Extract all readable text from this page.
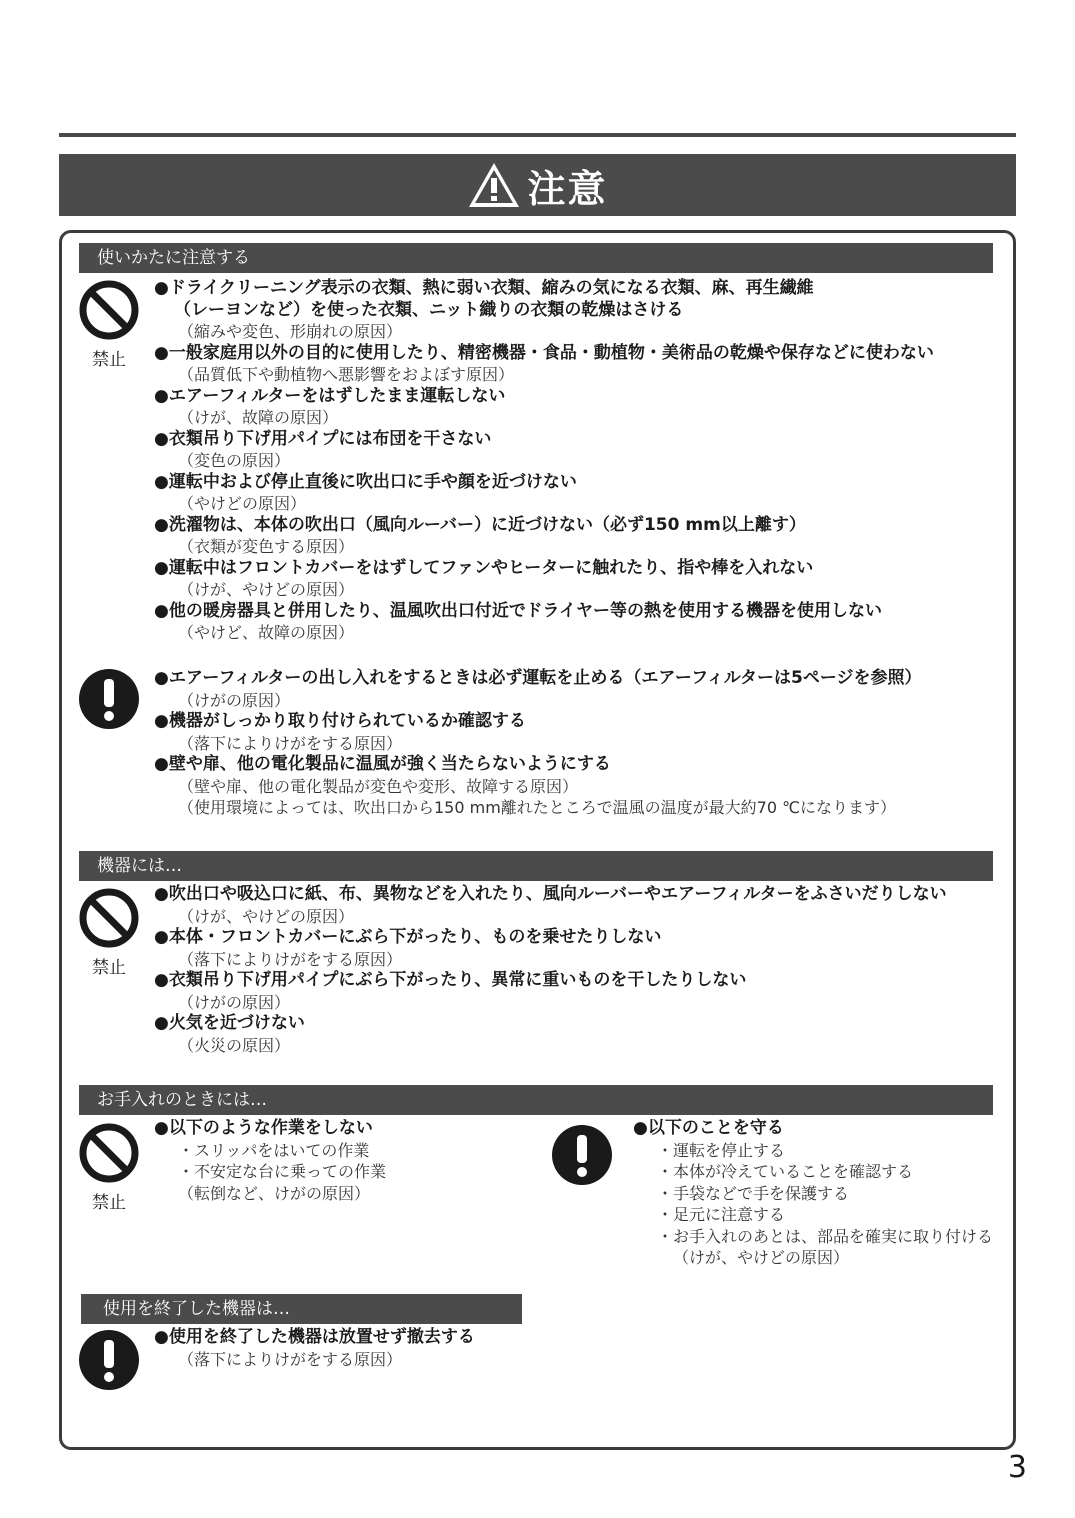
注意
使いかたに注意する
禁止
●ドライクリーニング表示の衣類、熱に弱い衣類、縮みの気になる衣類、麻、再生繊維
（レーヨンなど）を使った衣類、ニット織りの衣類の乾燥はさける
（縮みや変色、形崩れの原因）
●一般家庭用以外の目的に使用したり、精密機器・食品・動植物・美術品の乾燥や保存などに使わない
（品質低下や動植物へ悪影響をおよぼす原因）
●エアーフィルターをはずしたまま運転しない
（けが、故障の原因）
●衣類吊り下げ用パイプには布団を干さない
（変色の原因）
●運転中および停止直後に吹出口に手や顔を近づけない
（やけどの原因）
●洗濯物は、本体の吹出口（風向ルーバー）に近づけない（必ず150 mm以上離す）
（衣類が変色する原因）
●運転中はフロントカバーをはずしてファンやヒーターに触れたり、指や棒を入れない
（けが、やけどの原因）
●他の暖房器具と併用したり、温風吹出口付近でドライヤー等の熱を使用する機器を使用しない
（やけど、故障の原因）
●エアーフィルターの出し入れをするときは必ず運転を止める（エアーフィルターは5ページを参照）
（けがの原因）
●機器がしっかり取り付けられているか確認する
（落下によりけがをする原因）
●壁や扉、他の電化製品に温風が強く当たらないようにする
（壁や扉、他の電化製品が変色や変形、故障する原因）
（使用環境によっては、吹出口から150 mm離れたところで温風の温度が最大約70 ℃になります）
機器には…
禁止
●吹出口や吸込口に紙、布、異物などを入れたり、風向ルーバーやエアーフィルターをふさいだりしない
（けが、やけどの原因）
●本体・フロントカバーにぶら下がったり、ものを乗せたりしない
（落下によりけがをする原因）
●衣類吊り下げ用パイプにぶら下がったり、異常に重いものを干したりしない
（けがの原因）
●火気を近づけない
（火災の原因）
お手入れのときには…
禁止
●以下のような作業をしない
・スリッパをはいての作業
・不安定な台に乗っての作業
（転倒など、けがの原因）
●以下のことを守る
・運転を停止する
・本体が冷えていることを確認する
・手袋などで手を保護する
・足元に注意する
・お手入れのあとは、部品を確実に取り付ける
（けが、やけどの原因）
使用を終了した機器は…
●使用を終了した機器は放置せず撤去する
（落下によりけがをする原因）
3
